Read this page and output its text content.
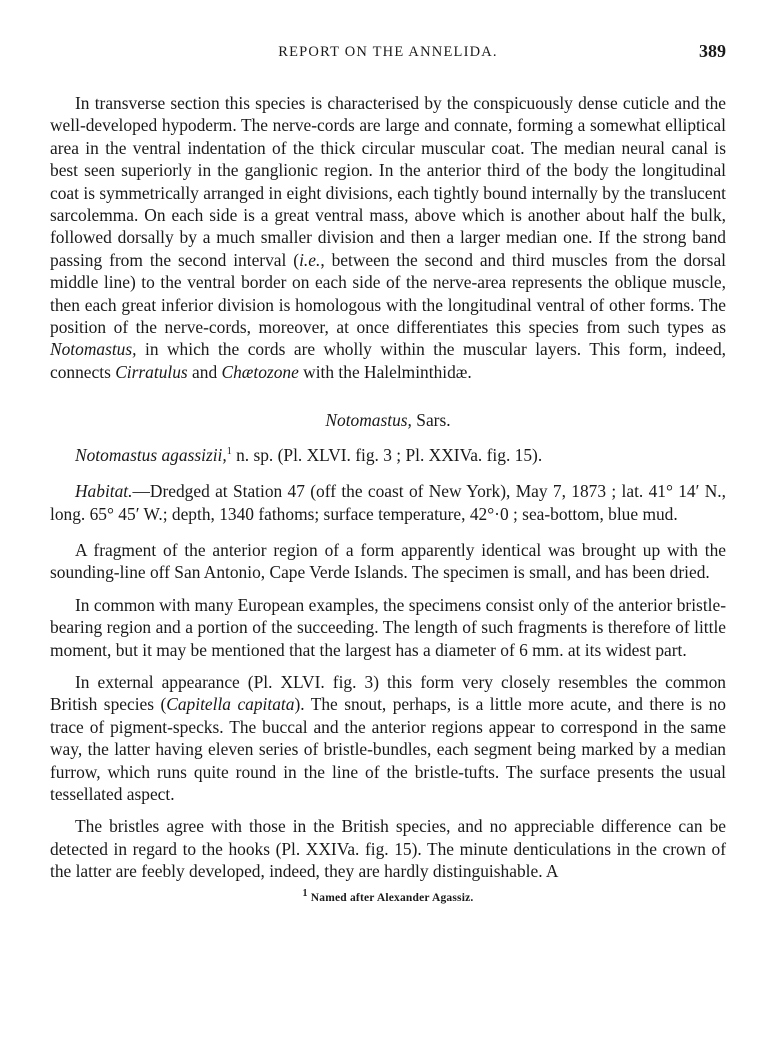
REPORT ON THE ANNELIDA.	389

In transverse section this species is characterised by the conspicuously dense cuticle and the well-developed hypoderm. The nerve-cords are large and connate, forming a somewhat elliptical area in the ventral indentation of the thick circular muscular coat. The median neural canal is best seen superiorly in the ganglionic region. In the anterior third of the body the longitudinal coat is symmetrically arranged in eight divisions, each tightly bound internally by the translucent sarcolemma. On each side is a great ventral mass, above which is another about half the bulk, followed dorsally by a much smaller division and then a larger median one. If the strong band passing from the second interval (i.e., between the second and third muscles from the dorsal middle line) to the ventral border on each side of the nerve-area represents the oblique muscle, then each great inferior division is homologous with the longitudinal ventral of other forms. The position of the nerve-cords, moreover, at once differentiates this species from such types as Notomastus, in which the cords are wholly within the muscular layers. This form, indeed, connects Cirratulus and Chætozone with the Halelminthidæ.

Notomastus, Sars.

Notomastus agassizii,$^1$ n. sp. (Pl. XLVI. fig. 3 ; Pl. XXIVa. fig. 15).

Habitat.—Dredged at Station 47 (off the coast of New York), May 7, 1873 ; lat. 41° 14′ N., long. 65° 45′ W.; depth, 1340 fathoms; surface temperature, 42°·0 ; sea-bottom, blue mud.

A fragment of the anterior region of a form apparently identical was brought up with the sounding-line off San Antonio, Cape Verde Islands. The specimen is small, and has been dried.

In common with many European examples, the specimens consist only of the anterior bristle-bearing region and a portion of the succeeding. The length of such fragments is therefore of little moment, but it may be mentioned that the largest has a diameter of 6 mm. at its widest part.

In external appearance (Pl. XLVI. fig. 3) this form very closely resembles the common British species (Capitella capitata). The snout, perhaps, is a little more acute, and there is no trace of pigment-specks. The buccal and the anterior regions appear to correspond in the same way, the latter having eleven series of bristle-bundles, each segment being marked by a median furrow, which runs quite round in the line of the bristle-tufts. The surface presents the usual tessellated aspect.

The bristles agree with those in the British species, and no appreciable difference can be detected in regard to the hooks (Pl. XXIVa. fig. 15). The minute denticulations in the crown of the latter are feebly developed, indeed, they are hardly distinguishable. A

$^1$ Named after Alexander Agassiz.
